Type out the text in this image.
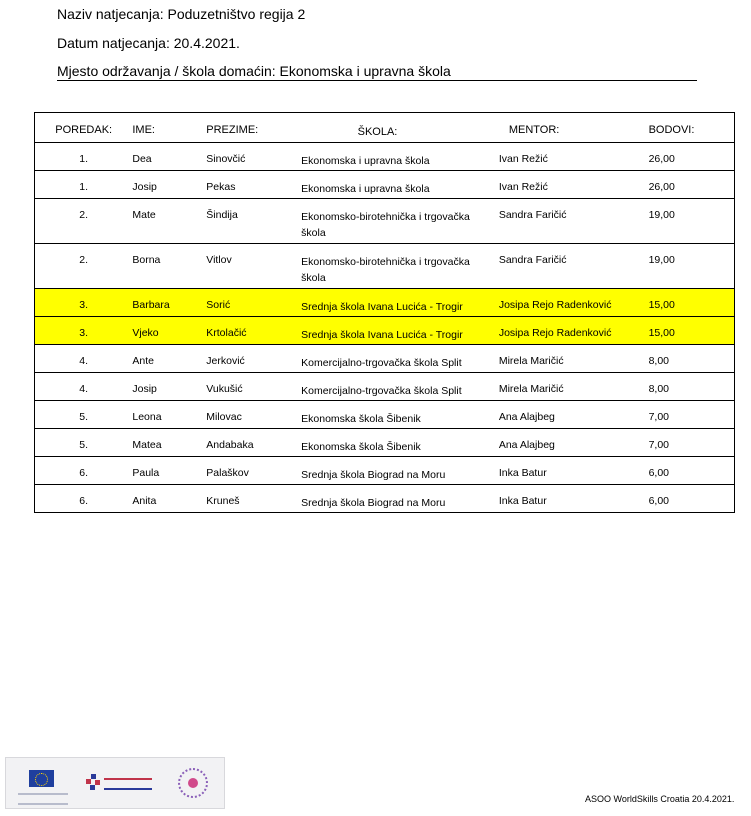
Naziv natjecanja: Poduzetništvo regija 2
Datum natjecanja: 20.4.2021.
Mjesto održavanja / škola domaćin: Ekonomska i upravna škola
POREDAK:	IME:	PREZIME:	ŠKOLA:	MENTOR:	BODOVI:
1.	Dea	Sinovčić	Ekonomska i upravna škola	Ivan Režić	26,00
1.	Josip	Pekas	Ekonomska i upravna škola	Ivan Režić	26,00
2.	Mate	Šindija	Ekonomsko-birotehnička i trgovačka škola	Sandra Faričić	19,00
2.	Borna	Vitlov	Ekonomsko-birotehnička i trgovačka škola	Sandra Faričić	19,00
3.	Barbara	Sorić	Srednja škola Ivana Lucića - Trogir	Josipa Rejo Radenković	15,00
3.	Vjeko	Krtolačić	Srednja škola Ivana Lucića - Trogir	Josipa Rejo Radenković	15,00
4.	Ante	Jerković	Komercijalno-trgovačka škola Split	Mirela Maričić	8,00
4.	Josip	Vukušić	Komercijalno-trgovačka škola Split	Mirela Maričić	8,00
5.	Leona	Milovac	Ekonomska škola Šibenik	Ana Alajbeg	7,00
5.	Matea	Andabaka	Ekonomska škola Šibenik	Ana Alajbeg	7,00
6.	Paula	Palaškov	Srednja škola Biograd na Moru	Inka Batur	6,00
6.	Anita	Kruneš	Srednja škola Biograd na Moru	Inka Batur	6,00
ASOO WorldSkills Croatia 20.4.2021.
